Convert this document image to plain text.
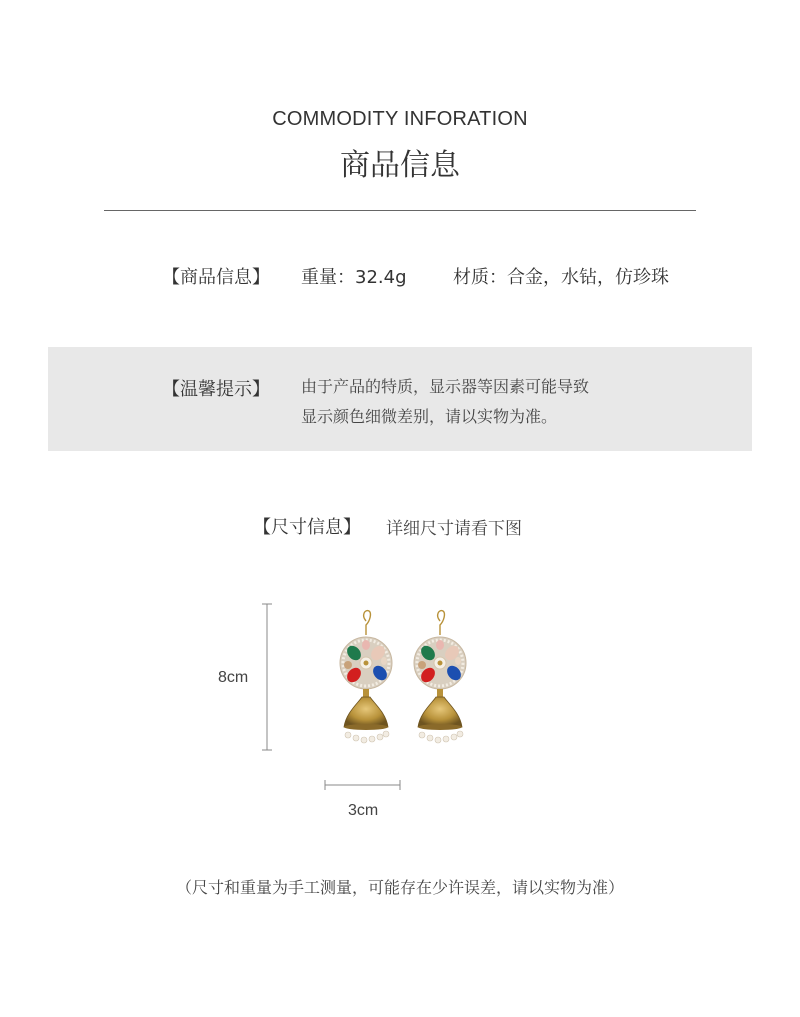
COMMODITY INFORATION
商品信息
【商品信息】 重量：32.4g	材质：合金，水钻，仿珍珠
【温馨提示】 由于产品的特质，显示器等因素可能导致
显示颜色细微差别，请以实物为准。
【尺寸信息】 详细尺寸请看下图
8cm
3cm
（尺寸和重量为手工测量，可能存在少许误差，请以实物为准）
